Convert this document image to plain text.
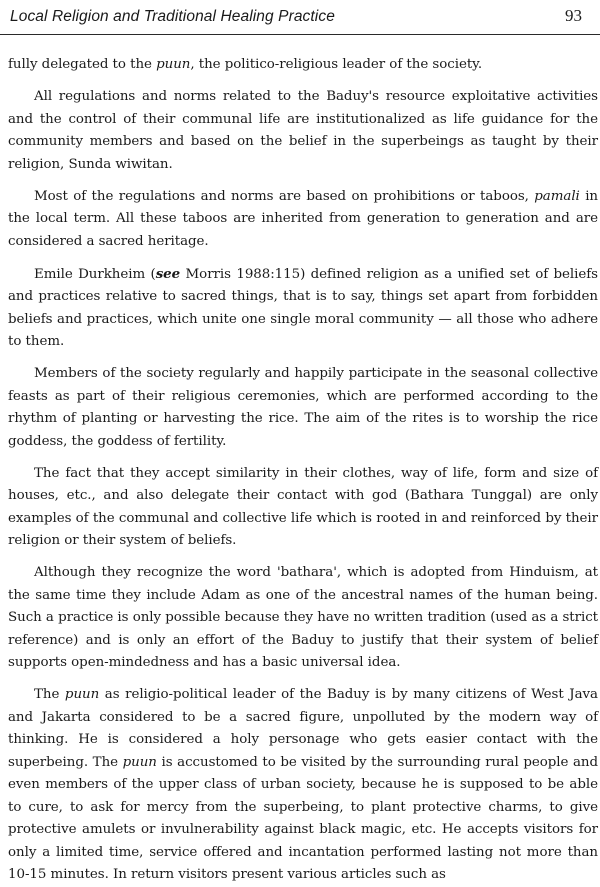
Local Religion and Traditional Healing Practice	93

fully delegated to the puun, the politico-religious leader of the society.

All regulations and norms related to the Baduy's resource exploitative activities and the control of their communal life are institutionalized as life guidance for the community members and based on the belief in the superbeings as taught by their religion, Sunda wiwitan.

Most of the regulations and norms are based on prohibitions or taboos, pamali in the local term. All these taboos are inherited from generation to generation and are considered a sacred heritage.

Emile Durkheim (see Morris 1988:115) defined religion as a unified set of beliefs and practices relative to sacred things, that is to say, things set apart from forbidden beliefs and practices, which unite one single moral community — all those who adhere to them.

Members of the society regularly and happily participate in the seasonal collective feasts as part of their religious ceremonies, which are performed according to the rhythm of planting or harvesting the rice. The aim of the rites is to worship the rice goddess, the goddess of fertility.

The fact that they accept similarity in their clothes, way of life, form and size of houses, etc., and also delegate their contact with god (Bathara Tunggal) are only examples of the communal and collective life which is rooted in and reinforced by their religion or their system of beliefs.

Although they recognize the word 'bathara', which is adopted from Hinduism, at the same time they include Adam as one of the ancestral names of the human being. Such a practice is only possible because they have no written tradition (used as a strict reference) and is only an effort of the Baduy to justify that their system of belief supports open-mindedness and has a basic universal idea.

The puun as religio-political leader of the Baduy is by many citizens of West Java and Jakarta considered to be a sacred figure, unpolluted by the modern way of thinking. He is considered a holy personage who gets easier contact with the superbeing. The puun is accustomed to be visited by the surrounding rural people and even members of the upper class of urban society, because he is supposed to be able to cure, to ask for mercy from the superbeing, to plant protective charms, to give protective amulets or invulnerability against black magic, etc. He accepts visitors for only a limited time, service offered and incantation performed lasting not more than 10-15 minutes. In return visitors present various articles such as
